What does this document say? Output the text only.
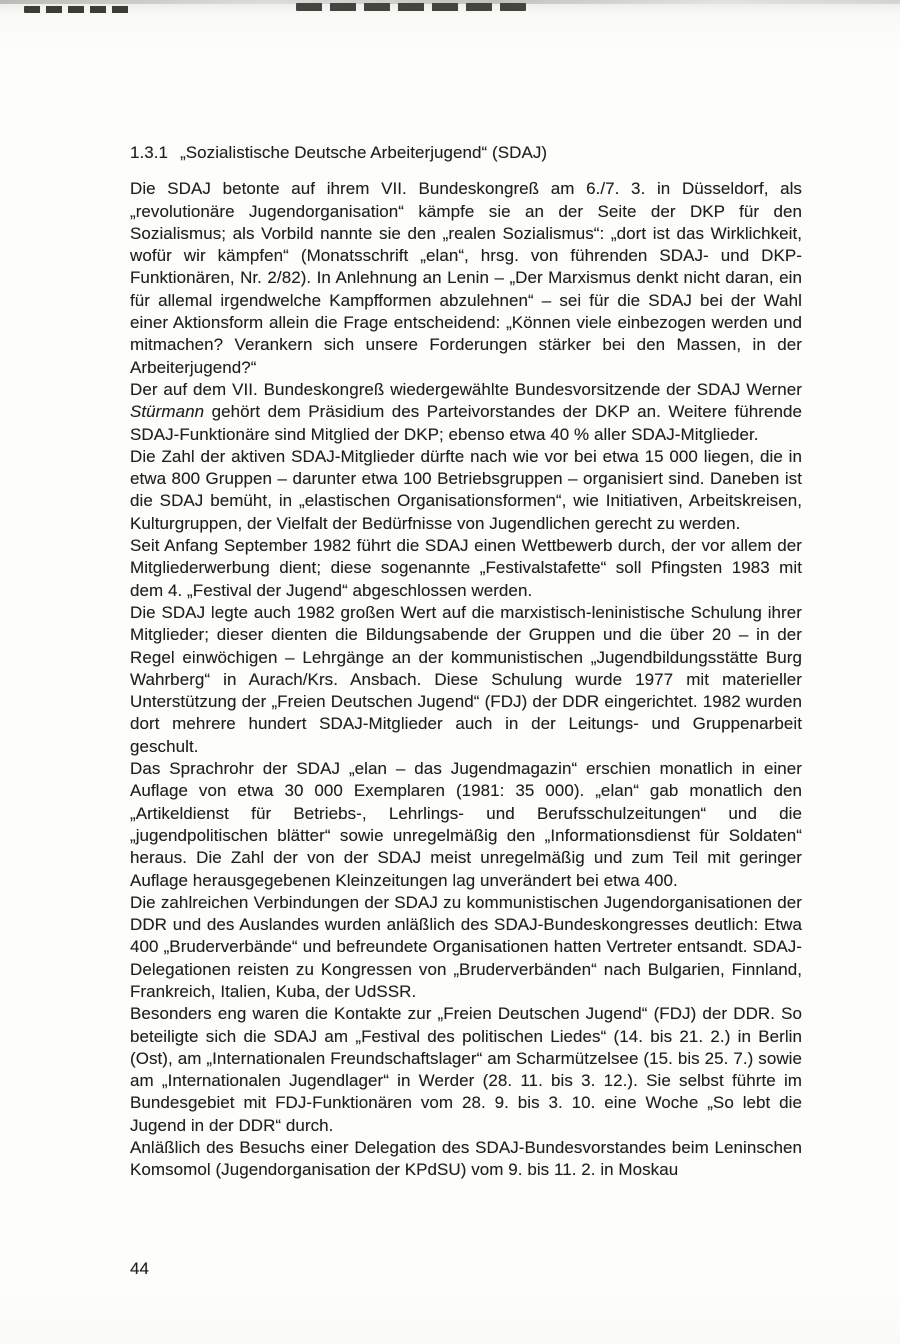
1.3.1 „Sozialistische Deutsche Arbeiterjugend“ (SDAJ)

Die SDAJ betonte auf ihrem VII. Bundeskongreß am 6./7. 3. in Düsseldorf, als „revolutionäre Jugendorganisation“ kämpfe sie an der Seite der DKP für den Sozialismus; als Vorbild nannte sie den „realen Sozialismus“: „dort ist das Wirklichkeit, wofür wir kämpfen“ (Monatsschrift „elan“, hrsg. von führenden SDAJ- und DKP-Funktionären, Nr. 2/82). In Anlehnung an Lenin – „Der Marxismus denkt nicht daran, ein für allemal irgendwelche Kampfformen abzulehnen“ – sei für die SDAJ bei der Wahl einer Aktionsform allein die Frage entscheidend: „Können viele einbezogen werden und mitmachen? Verankern sich unsere Forderungen stärker bei den Massen, in der Arbeiterjugend?“

Der auf dem VII. Bundeskongreß wiedergewählte Bundesvorsitzende der SDAJ Werner Stürmann gehört dem Präsidium des Parteivorstandes der DKP an. Weitere führende SDAJ-Funktionäre sind Mitglied der DKP; ebenso etwa 40 % aller SDAJ-Mitglieder.

Die Zahl der aktiven SDAJ-Mitglieder dürfte nach wie vor bei etwa 15 000 liegen, die in etwa 800 Gruppen – darunter etwa 100 Betriebsgruppen – organisiert sind. Daneben ist die SDAJ bemüht, in „elastischen Organisationsformen“, wie Initiativen, Arbeitskreisen, Kulturgruppen, der Vielfalt der Bedürfnisse von Jugendlichen gerecht zu werden.

Seit Anfang September 1982 führt die SDAJ einen Wettbewerb durch, der vor allem der Mitgliederwerbung dient; diese sogenannte „Festivalstafette“ soll Pfingsten 1983 mit dem 4. „Festival der Jugend“ abgeschlossen werden.

Die SDAJ legte auch 1982 großen Wert auf die marxistisch-leninistische Schulung ihrer Mitglieder; dieser dienten die Bildungsabende der Gruppen und die über 20 – in der Regel einwöchigen – Lehrgänge an der kommunistischen „Jugendbildungsstätte Burg Wahrberg“ in Aurach/Krs. Ansbach. Diese Schulung wurde 1977 mit materieller Unterstützung der „Freien Deutschen Jugend“ (FDJ) der DDR eingerichtet. 1982 wurden dort mehrere hundert SDAJ-Mitglieder auch in der Leitungs- und Gruppenarbeit geschult.

Das Sprachrohr der SDAJ „elan – das Jugendmagazin“ erschien monatlich in einer Auflage von etwa 30 000 Exemplaren (1981: 35 000). „elan“ gab monatlich den „Artikeldienst für Betriebs-, Lehrlings- und Berufsschulzeitungen“ und die „jugendpolitischen blätter“ sowie unregelmäßig den „Informationsdienst für Soldaten“ heraus. Die Zahl der von der SDAJ meist unregelmäßig und zum Teil mit geringer Auflage herausgegebenen Kleinzeitungen lag unverändert bei etwa 400.

Die zahlreichen Verbindungen der SDAJ zu kommunistischen Jugendorganisationen der DDR und des Auslandes wurden anläßlich des SDAJ-Bundeskongresses deutlich: Etwa 400 „Bruderverbände“ und befreundete Organisationen hatten Vertreter entsandt. SDAJ-Delegationen reisten zu Kongressen von „Bruderverbänden“ nach Bulgarien, Finnland, Frankreich, Italien, Kuba, der UdSSR.

Besonders eng waren die Kontakte zur „Freien Deutschen Jugend“ (FDJ) der DDR. So beteiligte sich die SDAJ am „Festival des politischen Liedes“ (14. bis 21. 2.) in Berlin (Ost), am „Internationalen Freundschaftslager“ am Scharmützelsee (15. bis 25. 7.) sowie am „Internationalen Jugendlager“ in Werder (28. 11. bis 3. 12.). Sie selbst führte im Bundesgebiet mit FDJ-Funktionären vom 28. 9. bis 3. 10. eine Woche „So lebt die Jugend in der DDR“ durch.

Anläßlich des Besuchs einer Delegation des SDAJ-Bundesvorstandes beim Leninschen Komsomol (Jugendorganisation der KPdSU) vom 9. bis 11. 2. in Moskau

44
